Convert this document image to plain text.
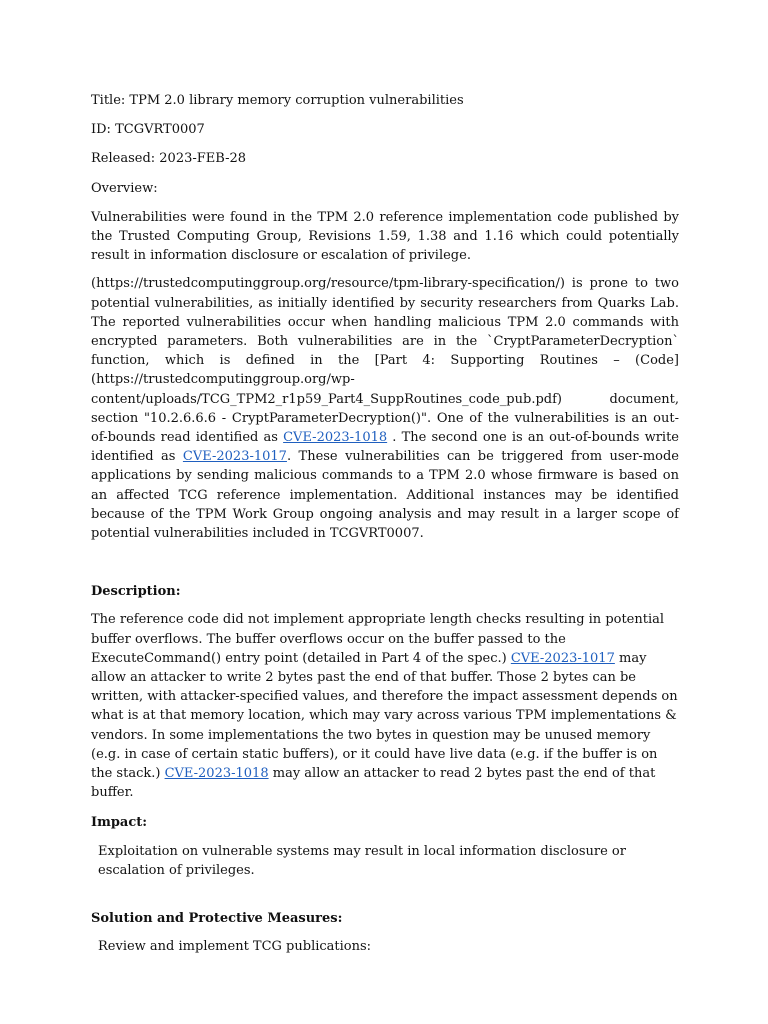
Title: TPM 2.0 library memory corruption vulnerabilities

ID: TCGVRT0007

Released: 2023-FEB-28

Overview:

Vulnerabilities were found in the TPM 2.0 reference implementation code published by the Trusted Computing Group, Revisions 1.59, 1.38 and 1.16 which could potentially result in information disclosure or escalation of privilege.

(https://trustedcomputinggroup.org/resource/tpm-library-specification/) is prone to two potential vulnerabilities, as initially identified by security researchers from Quarks Lab. The reported vulnerabilities occur when handling malicious TPM 2.0 commands with encrypted parameters. Both vulnerabilities are in the `CryptParameterDecryption` function, which is defined in the [Part 4: Supporting Routines – (Code] (https://trustedcomputinggroup.org/wp-content/uploads/TCG_TPM2_r1p59_Part4_SuppRoutines_code_pub.pdf) document, section "10.2.6.6.6 - CryptParameterDecryption()". One of the vulnerabilities is an out-of-bounds read identified as CVE-2023-1018 . The second one is an out-of-bounds write identified as CVE-2023-1017. These vulnerabilities can be triggered from user-mode applications by sending malicious commands to a TPM 2.0 whose firmware is based on an affected TCG reference implementation. Additional instances may be identified because of the TPM Work Group ongoing analysis and may result in a larger scope of potential vulnerabilities included in TCGVRT0007.

Description:

The reference code did not implement appropriate length checks resulting in potential buffer overflows. The buffer overflows occur on the buffer passed to the ExecuteCommand() entry point (detailed in Part 4 of the spec.) CVE-2023-1017 may allow an attacker to write 2 bytes past the end of that buffer. Those 2 bytes can be written, with attacker-specified values, and therefore the impact assessment depends on what is at that memory location, which may vary across various TPM implementations & vendors. In some implementations the two bytes in question may be unused memory (e.g. in case of certain static buffers), or it could have live data (e.g. if the buffer is on the stack.) CVE-2023-1018 may allow an attacker to read 2 bytes past the end of that buffer.

Impact:

Exploitation on vulnerable systems may result in local information disclosure or escalation of privileges.

Solution and Protective Measures:

Review and implement TCG publications:
